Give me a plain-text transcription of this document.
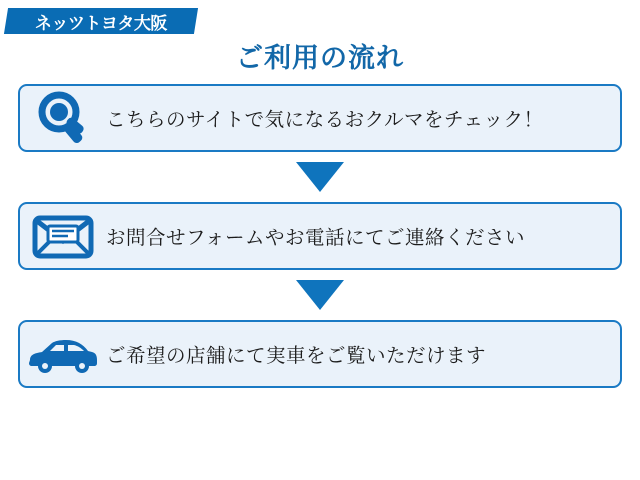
ネッツトヨタ大阪
ご利用の流れ
こちらのサイトで気になるおクルマをチェック！
お問合せフォームやお電話にてご連絡ください
ご希望の店舗にて実車をご覧いただけます
